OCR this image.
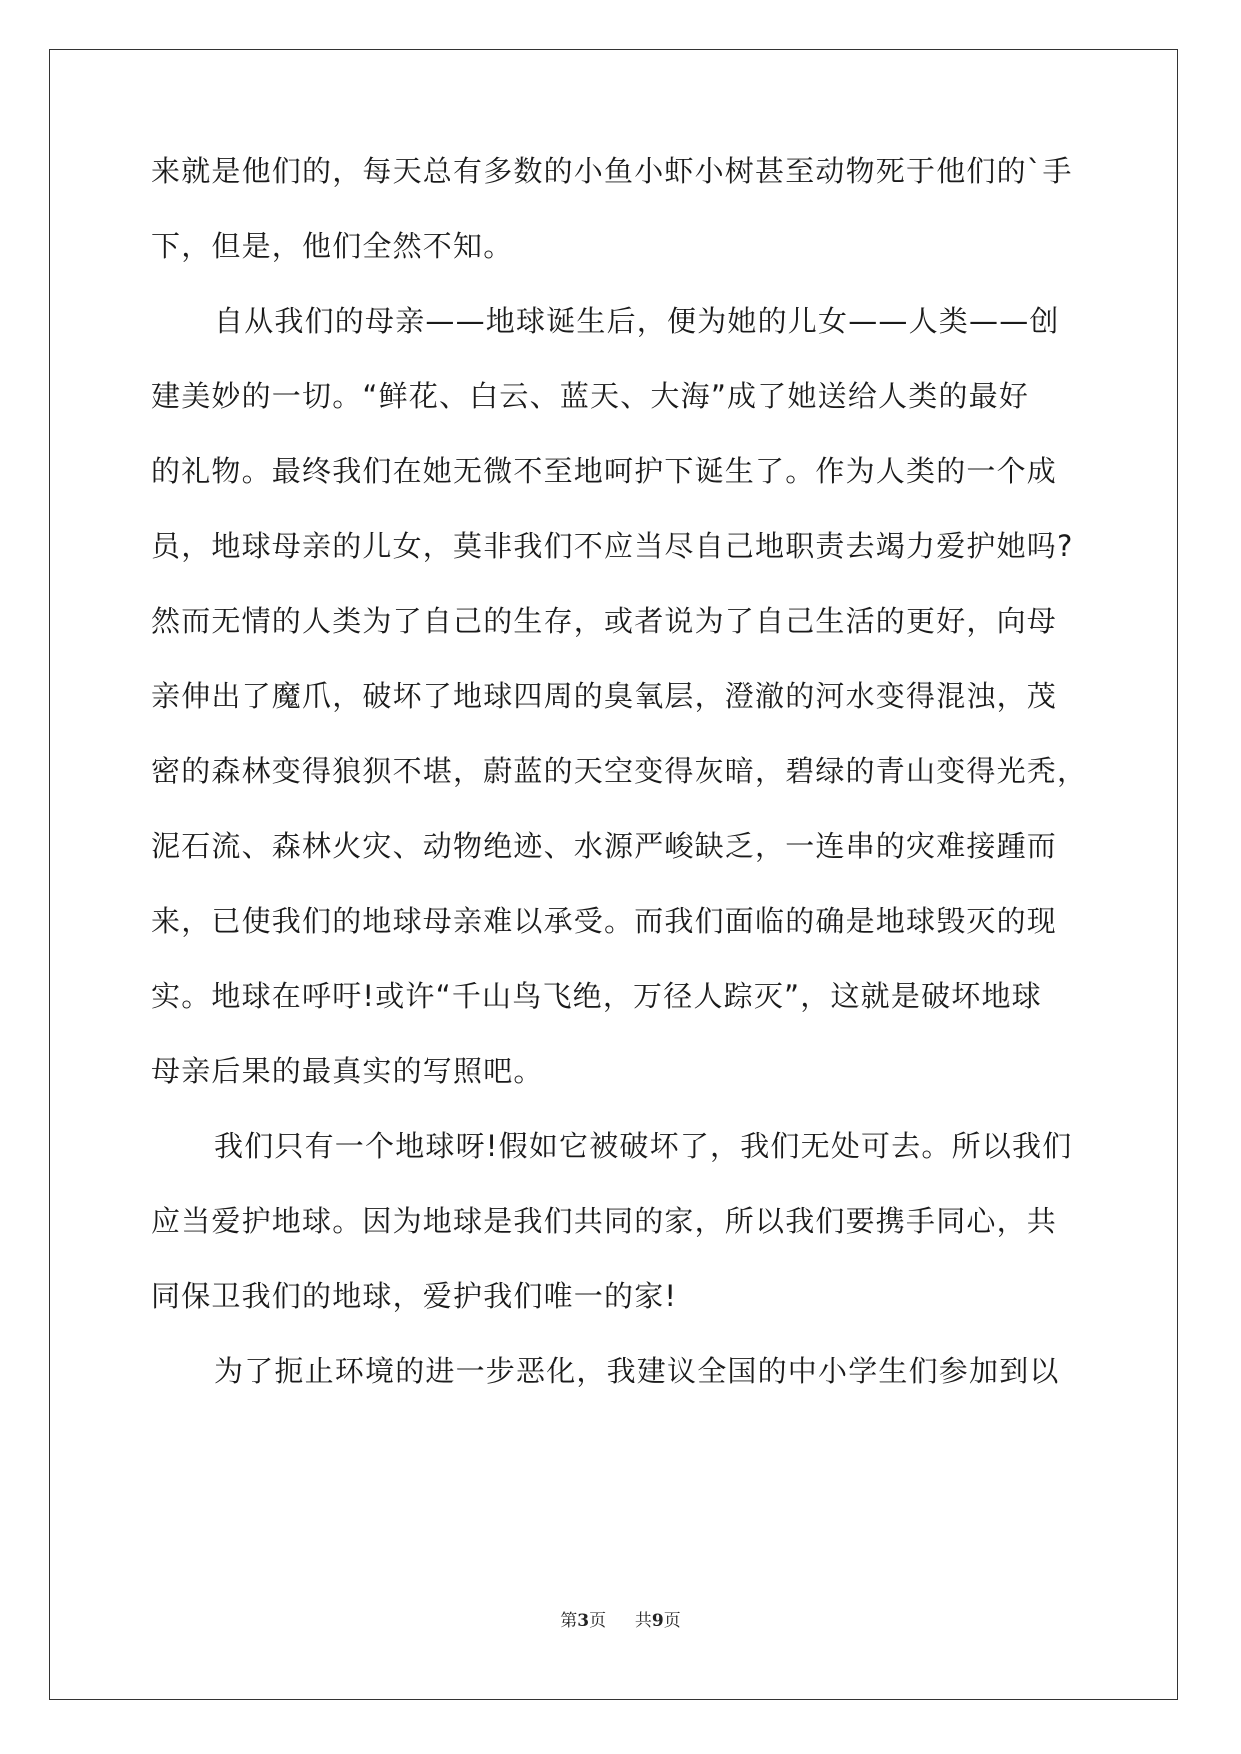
来就是他们的，每天总有多数的小鱼小虾小树甚至动物死于他们的`手
下，但是，他们全然不知。
自从我们的母亲——地球诞生后，便为她的儿女——人类——创
建美妙的一切。“鲜花、白云、蓝天、大海”成了她送给人类的最好
的礼物。最终我们在她无微不至地呵护下诞生了。作为人类的一个成
员，地球母亲的儿女，莫非我们不应当尽自己地职责去竭力爱护她吗?
然而无情的人类为了自己的生存，或者说为了自己生活的更好，向母
亲伸出了魔爪，破坏了地球四周的臭氧层，澄澈的河水变得混浊，茂
密的森林变得狼狈不堪，蔚蓝的天空变得灰暗，碧绿的青山变得光秃，
泥石流、森林火灾、动物绝迹、水源严峻缺乏，一连串的灾难接踵而
来，已使我们的地球母亲难以承受。而我们面临的确是地球毁灭的现
实。地球在呼吁!或许“千山鸟飞绝，万径人踪灭”，这就是破坏地球
母亲后果的最真实的写照吧。
我们只有一个地球呀!假如它被破坏了，我们无处可去。所以我们
应当爱护地球。因为地球是我们共同的家，所以我们要携手同心，共
同保卫我们的地球，爱护我们唯一的家!
为了扼止环境的进一步恶化，我建议全国的中小学生们参加到以
第3页 共9页
